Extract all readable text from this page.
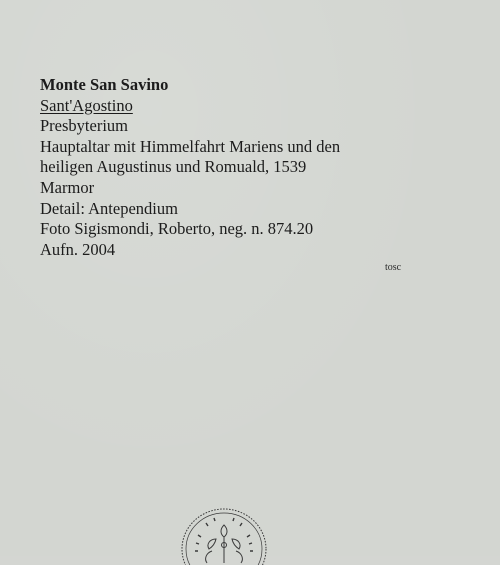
Monte San Savino
Sant'Agostino
Presbyterium
Hauptaltar mit Himmelfahrt Mariens und den
heiligen Augustinus und Romuald, 1539
Marmor
Detail: Antependium
Foto Sigismondi, Roberto, neg. n. 874.20
Aufn. 2004
tosc
